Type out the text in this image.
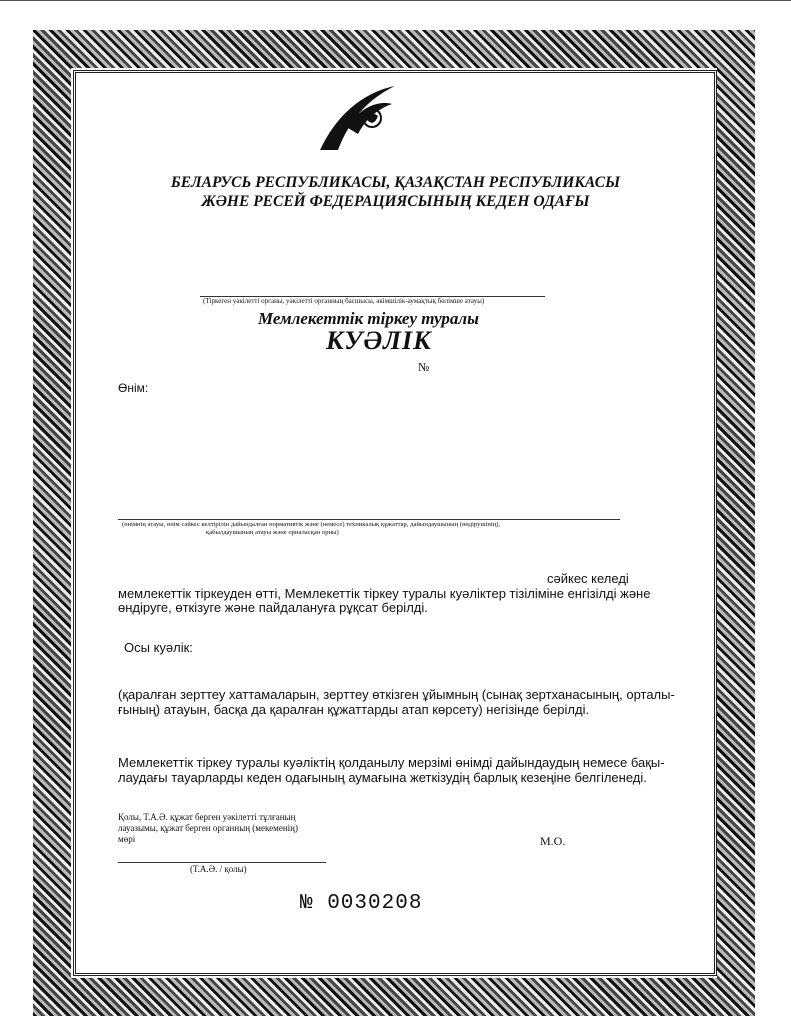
БЕЛАРУСЬ РЕСПУБЛИКАСЫ, ҚАЗАҚСТАН РЕСПУБЛИКАСЫ
ЖӘНЕ РЕСЕЙ ФЕДЕРАЦИЯСЫНЫҢ КЕДЕН ОДАҒЫ
(Тіркеген уәкілетті органы, уәкілетті органның басшысы, әкімшілік-аумақтық бөлімше атауы)
Мемлекеттік тіркеу туралы
КУӘЛІК
№
Өнім:
(өнімнің атауы, өнім сәйкес келтірілін дайындалған нормативтік және (немесе) техникалық құжаттар, дайындаушының (өндірушінің),
қабылдаушының атауы және орналасқан орны)
сәйкес келеді
мемлекеттік тіркеуден өтті, Мемлекеттік тіркеу туралы куәліктер тізіліміне енгізілді және
өндіруге, өткізуге және пайдалануға рұқсат берілді.
Осы куәлік:
(қаралған зерттеу хаттамаларын, зерттеу өткізген ұйымның (сынақ зертханасының, орталы-
ғының) атауын, басқа да қаралған құжаттарды атап көрсету) негізінде берілді.
Мемлекеттік тіркеу туралы куәліктің қолданылу мерзімі өнімді дайындаудың немесе бақы-
лаудағы тауарларды кеден одағының аумағына жеткізудің барлық кезеңіне белгіленеді.
Қолы, Т.А.Ә. құжат берген уәкілетті тұлғаның
лауазымы, құжат берген органның (мекеменің)
мөрі	М.О.
(Т.А.Ә. / қолы)
№ 0030208
